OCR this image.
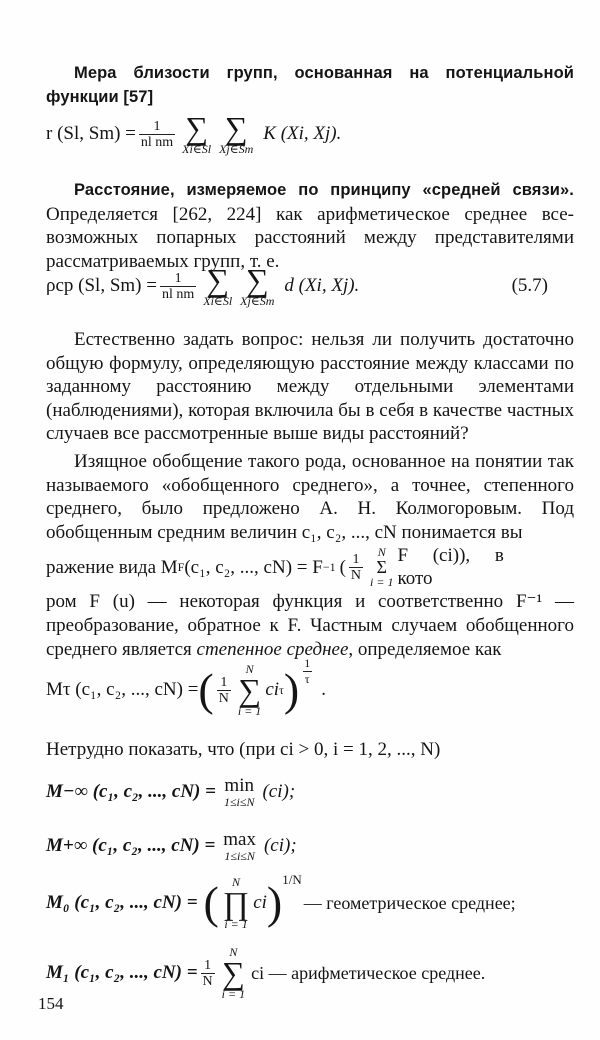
Мера близости групп, основанная на потенциальной функции [57]

r (Sl, $Sm) = \frac{1}{\text{nl nm}}$ ∑
Xi∈Sl
∑
Xj∈Sm
K (Xi, Xj).

Расстояние, измеряемое по принципу «средней связи». Определяется [262, 224] как арифметическое среднее всевозможных попарных расстояний между представителями рассматриваемых групп, т. е.

ρср (Sl, $Sm) = \frac{1}{\text{nl nm}}$ ∑
Xi∈Sl
∑
Xj∈Sm
d (Xi, Xj).	(5.7)

Естественно задать вопрос: нельзя ли получить достаточно общую формулу, определяющую расстояние между классами по заданному расстоянию между отдельными элементами (наблюдениями), которая включила бы в себя в качестве частных случаев все рассмотренные выше виды расстояний?

Изящное обобщение такого рода, основанное на понятии так называемого «обобщенного среднего», а точнее, степенного среднего, было предложено А. Н. Колмогоровым. Под обобщенным средним величин c₁, c₂, ..., cN понимается вы

ражение вида M F (c₁, c₂, ..., cN) = F −1 ( $\frac{1}{N}$ N
Σ
i = 1
F (ci)), в кото

ром F (u) — некоторая функция и соответственно F⁻¹ — преобразование, обратное к F. Частным случаем обобщенного среднего является степенное среднее, определяемое как

Mτ (c₁, c₂, ..., cN) = ( $\frac{1}{N}$
N
∑
i = 1
ci τ ) $\frac{1}{\tau}$
.

Нетрудно показать, что (при ci > 0, i = 1, 2, ..., N)

M−∞ (c₁, c₂, ..., cN) = min
1≤i≤N (ci);
M+∞ (c₁, c₂, ..., cN) = max
1≤i≤N (ci);
M₀ (c₁, c₂, ..., cN) = ( N
∏
i = 1
ci ) 1/N
— геометрическое среднее;
M₁ (c₁, c₂, ..., $cN) = \frac{1}{N}$
N
∑
i = 1
ci — арифметическое среднее.
154
